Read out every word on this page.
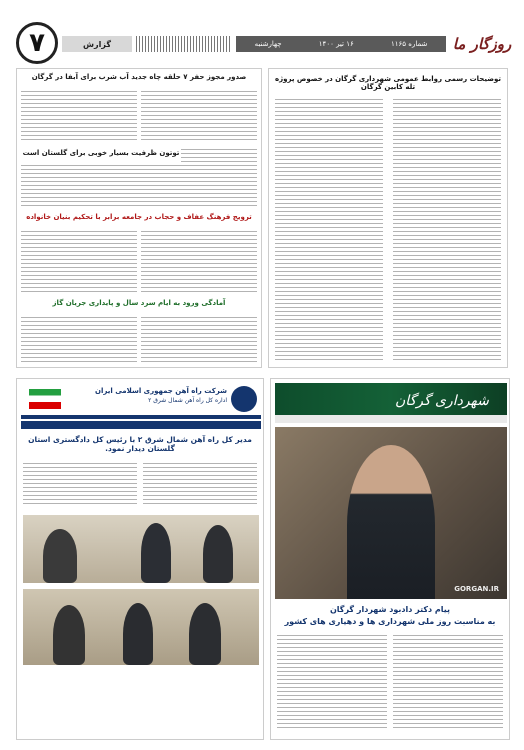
۷	گزارش	شماره ۱۱۶۵
۱۶ تیر ۱۴۰۰
چهارشنبه	روزگار ما
توضیحات رسمی روابط عمومی شهرداری گرگان در خصوص پروژه تله کابین گرگان
صدور مجوز حفر ۷ حلقه چاه جدید آب شرب برای آبفا در گرگان
توتون ظرفیت بسیار خوبی برای گلستان است
ترویج فرهنگ عفاف و حجاب در جامعه برابر با تحکیم بنیان خانواده
آمادگی ورود به ایام سرد سال و پایداری جریان گاز
شهرداری گرگان
GORGAN.IR
پیام دکتر دادبود شهردار گرگان
به مناسبت روز ملی شهرداری ها و دهیاری های کشور
شرکت راه آهن جمهوری اسلامی ایران
اداره کل راه آهن شمال شرق ۲
مدیر کل راه آهن شمال شرق ۲ با رئیس کل دادگستری استان گلستان دیدار نمود.
